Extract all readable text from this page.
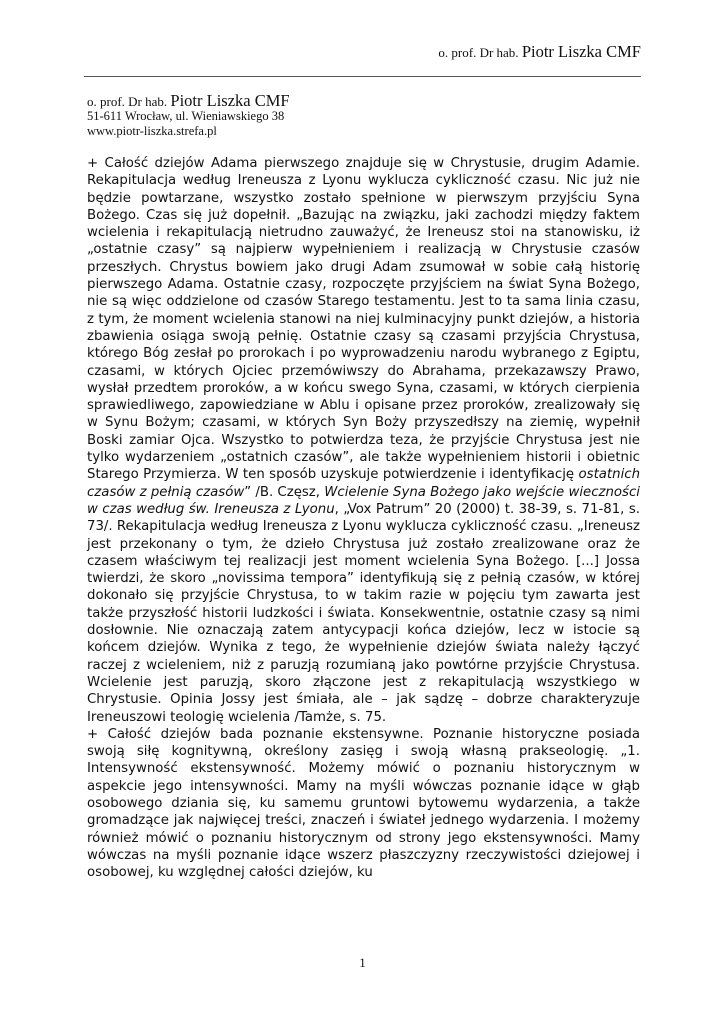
o. prof. Dr hab. Piotr Liszka CMF
o. prof. Dr hab. Piotr Liszka CMF
51-611 Wrocław, ul. Wieniawskiego 38
www.piotr-liszka.strefa.pl

+ Całość dziejów Adama pierwszego znajduje się w Chrystusie, drugim Adamie. Rekapitulacja według Ireneusza z Lyonu wyklucza cykliczność czasu. Nic już nie będzie powtarzane, wszystko zostało spełnione w pierwszym przyjściu Syna Bożego. Czas się już dopełnił. „Bazując na związku, jaki zachodzi między faktem wcielenia i rekapitulacją nietrudno zauważyć, że Ireneusz stoi na stanowisku, iż „ostatnie czasy” są najpierw wypełnieniem i realizacją w Chrystusie czasów przeszłych. Chrystus bowiem jako drugi Adam zsumował w sobie całą historię pierwszego Adama. Ostatnie czasy, rozpoczęte przyjściem na świat Syna Bożego, nie są więc oddzielone od czasów Starego testamentu. Jest to ta sama linia czasu, z tym, że moment wcielenia stanowi na niej kulminacyjny punkt dziejów, a historia zbawienia osiąga swoją pełnię. Ostatnie czasy są czasami przyjścia Chrystusa, którego Bóg zesłał po prorokach i po wyprowadzeniu narodu wybranego z Egiptu, czasami, w których Ojciec przemówiwszy do Abrahama, przekazawszy Prawo, wysłał przedtem proroków, a w końcu swego Syna, czasami, w których cierpienia sprawiedliwego, zapowiedziane w Ablu i opisane przez proroków, zrealizowały się w Synu Bożym; czasami, w których Syn Boży przyszedłszy na ziemię, wypełnił Boski zamiar Ojca. Wszystko to potwierdza teza, że przyjście Chrystusa jest nie tylko wydarzeniem „ostatnich czasów”, ale także wypełnieniem historii i obietnic Starego Przymierza. W ten sposób uzyskuje potwierdzenie i identyfikację ostatnich czasów z pełnią czasów” /B. Częsz, Wcielenie Syna Bożego jako wejście wieczności w czas według św. Ireneusza z Lyonu, „Vox Patrum” 20 (2000) t. 38-39, s. 71-81, s. 73/. Rekapitulacja według Ireneusza z Lyonu wyklucza cykliczność czasu. „Ireneusz jest przekonany o tym, że dzieło Chrystusa już zostało zrealizowane oraz że czasem właściwym tej realizacji jest moment wcielenia Syna Bożego. [...] Jossa twierdzi, że skoro „novissima tempora” identyfikują się z pełnią czasów, w której dokonało się przyjście Chrystusa, to w takim razie w pojęciu tym zawarta jest także przyszłość historii ludzkości i świata. Konsekwentnie, ostatnie czasy są nimi dosłownie. Nie oznaczają zatem antycypacji końca dziejów, lecz w istocie są końcem dziejów. Wynika z tego, że wypełnienie dziejów świata należy łączyć raczej z wcieleniem, niż z paruzją rozumianą jako powtórne przyjście Chrystusa. Wcielenie jest paruzją, skoro złączone jest z rekapitulacją wszystkiego w Chrystusie. Opinia Jossy jest śmiała, ale – jak sądzę – dobrze charakteryzuje Ireneuszowi teologię wcielenia /Tamże, s. 75.

+ Całość dziejów bada poznanie ekstensywne. Poznanie historyczne posiada swoją siłę kognitywną, określony zasięg i swoją własną prakseologię. „1. Intensywność ekstensywność. Możemy mówić o poznaniu historycznym w aspekcie jego intensywności. Mamy na myśli wówczas poznanie idące w głąb osobowego dziania się, ku samemu gruntowi bytowemu wydarzenia, a także gromadzące jak najwięcej treści, znaczeń i świateł jednego wydarzenia. I możemy również mówić o poznaniu historycznym od strony jego ekstensywności. Mamy wówczas na myśli poznanie idące wszerz płaszczyzny rzeczywistości dziejowej i osobowej, ku względnej całości dziejów, ku

1
